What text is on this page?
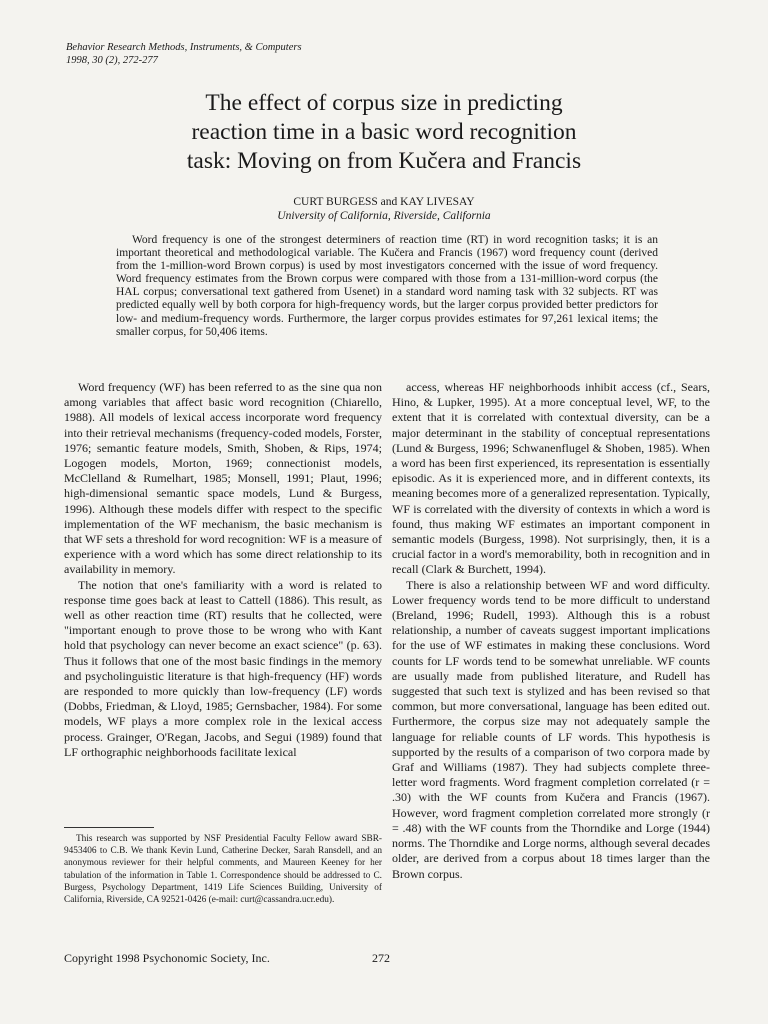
Behavior Research Methods, Instruments, & Computers
1998, 30 (2), 272-277
The effect of corpus size in predicting
reaction time in a basic word recognition
task: Moving on from Kučera and Francis
CURT BURGESS and KAY LIVESAY
University of California, Riverside, California
Word frequency is one of the strongest determiners of reaction time (RT) in word recognition tasks; it is an important theoretical and methodological variable. The Kučera and Francis (1967) word frequency count (derived from the 1-million-word Brown corpus) is used by most investigators concerned with the issue of word frequency. Word frequency estimates from the Brown corpus were compared with those from a 131-million-word corpus (the HAL corpus; conversational text gathered from Usenet) in a standard word naming task with 32 subjects. RT was predicted equally well by both corpora for high-frequency words, but the larger corpus provided better predictors for low- and medium-frequency words. Furthermore, the larger corpus provides estimates for 97,261 lexical items; the smaller corpus, for 50,406 items.

Word frequency (WF) has been referred to as the sine qua non among variables that affect basic word recognition (Chiarello, 1988). All models of lexical access incorporate word frequency into their retrieval mechanisms (frequency-coded models, Forster, 1976; semantic feature models, Smith, Shoben, & Rips, 1974; Logogen models, Morton, 1969; connectionist models, McClelland & Rumelhart, 1985; Monsell, 1991; Plaut, 1996; high-dimensional semantic space models, Lund & Burgess, 1996). Although these models differ with respect to the specific implementation of the WF mechanism, the basic mechanism is that WF sets a threshold for word recognition: WF is a measure of experience with a word which has some direct relationship to its availability in memory.

The notion that one's familiarity with a word is related to response time goes back at least to Cattell (1886). This result, as well as other reaction time (RT) results that he collected, were "important enough to prove those to be wrong who with Kant hold that psychology can never become an exact science" (p. 63). Thus it follows that one of the most basic findings in the memory and psycholinguistic literature is that high-frequency (HF) words are responded to more quickly than low-frequency (LF) words (Dobbs, Friedman, & Lloyd, 1985; Gernsbacher, 1984). For some models, WF plays a more complex role in the lexical access process. Grainger, O'Regan, Jacobs, and Segui (1989) found that LF orthographic neighborhoods facilitate lexical

access, whereas HF neighborhoods inhibit access (cf., Sears, Hino, & Lupker, 1995). At a more conceptual level, WF, to the extent that it is correlated with contextual diversity, can be a major determinant in the stability of conceptual representations (Lund & Burgess, 1996; Schwanenflugel & Shoben, 1985). When a word has been first experienced, its representation is essentially episodic. As it is experienced more, and in different contexts, its meaning becomes more of a generalized representation. Typically, WF is correlated with the diversity of contexts in which a word is found, thus making WF estimates an important component in semantic models (Burgess, 1998). Not surprisingly, then, it is a crucial factor in a word's memorability, both in recognition and in recall (Clark & Burchett, 1994).

There is also a relationship between WF and word difficulty. Lower frequency words tend to be more difficult to understand (Breland, 1996; Rudell, 1993). Although this is a robust relationship, a number of caveats suggest important implications for the use of WF estimates in making these conclusions. Word counts for LF words tend to be somewhat unreliable. WF counts are usually made from published literature, and Rudell has suggested that such text is stylized and has been revised so that common, but more conversational, language has been edited out. Furthermore, the corpus size may not adequately sample the language for reliable counts of LF words. This hypothesis is supported by the results of a comparison of two corpora made by Graf and Williams (1987). They had subjects complete three-letter word fragments. Word fragment completion correlated (r = .30) with the WF counts from Kučera and Francis (1967). However, word fragment completion correlated more strongly (r = .48) with the WF counts from the Thorndike and Lorge (1944) norms. The Thorndike and Lorge norms, although several decades older, are derived from a corpus about 18 times larger than the Brown corpus.

This research was supported by NSF Presidential Faculty Fellow award SBR-9453406 to C.B. We thank Kevin Lund, Catherine Decker, Sarah Ransdell, and an anonymous reviewer for their helpful comments, and Maureen Keeney for her tabulation of the information in Table 1. Correspondence should be addressed to C. Burgess, Psychology Department, 1419 Life Sciences Building, University of California, Riverside, CA 92521-0426 (e-mail: curt@cassandra.ucr.edu).
Copyright 1998 Psychonomic Society, Inc.	272
